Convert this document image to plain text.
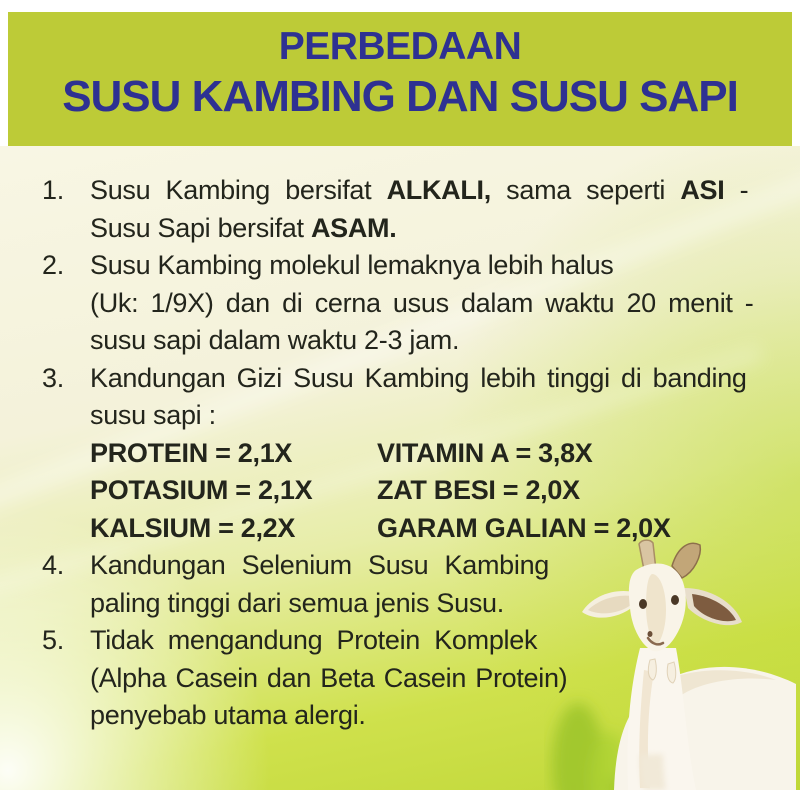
PERBEDAAN
SUSU KAMBING DAN SUSU SAPI
1. Susu Kambing bersifat ALKALI, sama seperti ASI -
Susu Sapi bersifat ASAM.
2. Susu Kambing molekul lemaknya lebih halus
(Uk: 1/9X) dan di cerna usus dalam waktu 20 menit -
susu sapi dalam waktu 2-3 jam.
3. Kandungan Gizi Susu Kambing lebih tinggi di banding
susu sapi :
PROTEIN = 2,1X	VITAMIN A = 3,8X
POTASIUM = 2,1X	ZAT BESI = 2,0X
KALSIUM = 2,2X	GARAM GALIAN = 2,0X
4. Kandungan Selenium Susu Kambing
paling tinggi dari semua jenis Susu.
5. Tidak mengandung Protein Komplek
(Alpha Casein dan Beta Casein Protein)
penyebab utama alergi.
